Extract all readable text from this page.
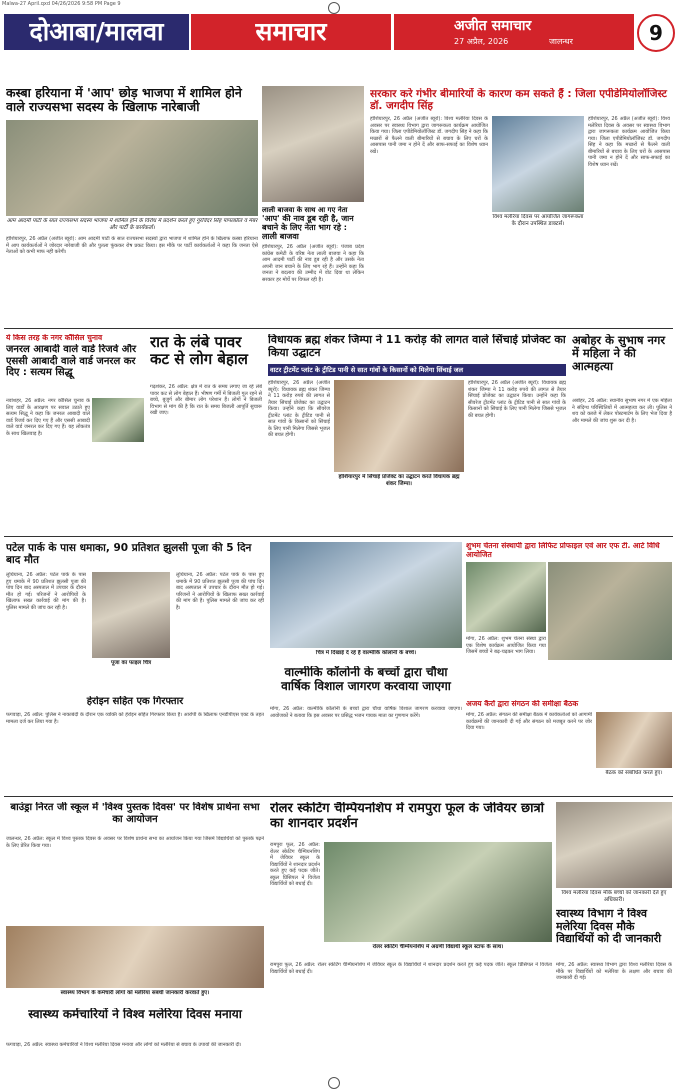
Malwa-27 April.qxd 04/26/2026 9:58 PM Page 9
दोआबा/मालवा	समाचार	अजीत समाचार
27 अप्रैल, 2026	जालन्धर	9
कस्बा हरियाना में 'आप' छोड़ भाजपा में शामिल होने वाले राज्यसभा सदस्य के खिलाफ नारेबाजी
आम आदमी पार्टी के सात राज्यसभा सदस्य भाजपा में शामिल होने के विरोध में प्रदर्शन करते हुए गुरविंदर सिंह पापलप्रीत व मेंबर और पार्टी के कार्यकर्ता।
होशियारपुर, 26 अप्रैल (अजीत ब्यूरो): आम आदमी पार्टी के सात राज्यसभा सदस्यों द्वारा भाजपा में शामिल होने के खिलाफ कस्बा हरियाना में आप कार्यकर्ताओं ने जोरदार नारेबाजी की और पुतला फूंककर रोष प्रकट किया। इस मौके पर पार्टी कार्यकर्ताओं ने कहा कि जनता ऐसे नेताओं को कभी माफ नहीं करेगी।
लाली बाजवा के साथ आ गए नेता
'आप' की नाव डूब रही है, जान बचाने के लिए नेता भाग रहे : लाली बाजवा
होशियारपुर, 26 अप्रैल (अजीत ब्यूरो): पंजाब प्रदेश कांग्रेस कमेटी के वरिष्ठ नेता लाली बाजवा ने कहा कि आम आदमी पार्टी की नाव डूब रही है और उसके नेता अपनी जान बचाने के लिए भाग रहे हैं। उन्होंने कहा कि जनता ने बदलाव की उम्मीद में वोट दिया था लेकिन सरकार हर मोर्चे पर विफल रही है।
सरकार करे गंभीर बीमारियों के कारण कम सकते हैं : जिला एपीडेमियोलॉजिस्ट डॉ. जगदीप सिंह
होशियारपुर, 26 अप्रैल (अजीत ब्यूरो): विश्व मलेरिया दिवस के अवसर पर स्वास्थ्य विभाग द्वारा जागरूकता कार्यक्रम आयोजित किया गया। जिला एपीडेमियोलॉजिस्ट डॉ. जगदीप सिंह ने कहा कि मच्छरों से फैलने वाली बीमारियों से बचाव के लिए घरों के आसपास पानी जमा न होने दें और साफ-सफाई का विशेष ध्यान रखें।
विश्व मलेरिया दिवस पर आयोजित जागरूकता के दौरान उपस्थित डाक्टर्स।
होशियारपुर, 26 अप्रैल (अजीत ब्यूरो): विश्व मलेरिया दिवस के अवसर पर स्वास्थ्य विभाग द्वारा जागरूकता कार्यक्रम आयोजित किया गया। जिला एपीडेमियोलॉजिस्ट डॉ. जगदीप सिंह ने कहा कि मच्छरों से फैलने वाली बीमारियों से बचाव के लिए घरों के आसपास पानी जमा न होने दें और साफ-सफाई का विशेष ध्यान रखें।
ये किस तरह के नगर कौंसिल चुनाव
जनरल आबादी वाले वार्ड रिजर्व और एससी आबादी वाले वार्ड जनरल कर दिए : सत्यम सिद्धू
नवांशहर, 26 अप्रैल: नगर कौंसिल चुनाव के लिए वार्डों के आरक्षण पर सवाल उठाते हुए सत्यम सिद्धू ने कहा कि जनरल आबादी वाले वार्ड रिजर्व कर दिए गए हैं और एससी आबादी वाले वार्ड जनरल कर दिए गए हैं। यह लोकतंत्र के साथ खिलवाड़ है।
रात के लंबे पावर कट से लोग बेहाल
गढ़शंकर, 26 अप्रैल: क्षेत्र में रात के समय लगाए जा रहे लंबे पावर कट से लोग बेहाल हैं। भीषण गर्मी में बिजली गुल रहने से बच्चे, बुजुर्ग और बीमार लोग परेशान हैं। लोगों ने बिजली विभाग से मांग की है कि रात के समय बिजली आपूर्ति सुचारू रखी जाए।
विधायक ब्रह्म शंकर जिम्पा ने 11 करोड़ की लागत वाले सिंचाई प्रोजेक्ट का किया उद्घाटन
वाटर ट्रीटमेंट प्लांट के ट्रीटिड पानी से सात गांवों के किसानों को मिलेगा सिंचाई जल
होशियारपुर, 26 अप्रैल (अजीत ब्यूरो): विधायक ब्रह्म शंकर जिम्पा ने 11 करोड़ रुपये की लागत से तैयार सिंचाई प्रोजेक्ट का उद्घाटन किया। उन्होंने कहा कि सीवरेज ट्रीटमेंट प्लांट के ट्रीटिड पानी से सात गांवों के किसानों को सिंचाई के लिए पानी मिलेगा जिससे भूजल की बचत होगी।
होशियारपुर में सिंचाई प्रोजेक्ट का उद्घाटन करते विधायक ब्रह्म शंकर जिम्पा।
होशियारपुर, 26 अप्रैल (अजीत ब्यूरो): विधायक ब्रह्म शंकर जिम्पा ने 11 करोड़ रुपये की लागत से तैयार सिंचाई प्रोजेक्ट का उद्घाटन किया। उन्होंने कहा कि सीवरेज ट्रीटमेंट प्लांट के ट्रीटिड पानी से सात गांवों के किसानों को सिंचाई के लिए पानी मिलेगा जिससे भूजल की बचत होगी।
अबोहर के सुभाष नगर में महिला ने की आत्महत्या
अबोहर, 26 अप्रैल: स्थानीय सुभाष नगर में एक महिला ने संदिग्ध परिस्थितियों में आत्महत्या कर ली। पुलिस ने शव को कब्जे में लेकर पोस्टमार्टम के लिए भेज दिया है और मामले की जांच शुरू कर दी है।
पटेल पार्क के पास धमाका, 90 प्रतिशत झुलसी पूजा की 5 दिन बाद मौत
लुधियाना, 26 अप्रैल: पटेल पार्क के पास हुए धमाके में 90 प्रतिशत झुलसी पूजा की पांच दिन बाद अस्पताल में उपचार के दौरान मौत हो गई। परिजनों ने आरोपियों के खिलाफ सख्त कार्रवाई की मांग की है। पुलिस मामले की जांच कर रही है।
पूजा का फाइल चित्र
लुधियाना, 26 अप्रैल: पटेल पार्क के पास हुए धमाके में 90 प्रतिशत झुलसी पूजा की पांच दिन बाद अस्पताल में उपचार के दौरान मौत हो गई। परिजनों ने आरोपियों के खिलाफ सख्त कार्रवाई की मांग की है। पुलिस मामले की जांच कर रही है।
हेरोइन सहित एक गिरफ्तार
फगवाड़ा, 26 अप्रैल: पुलिस ने नाकाबंदी के दौरान एक व्यक्ति को हेरोइन सहित गिरफ्तार किया है। आरोपी के खिलाफ एनडीपीएस एक्ट के तहत मामला दर्ज कर लिया गया है।
शुभम चेतना संस्थापी द्वारा लिफिट प्रोफाइल एवं आर एफ टी. आर्ट विधि आयोजित
मोगा, 26 अप्रैल: शुभम चेतना संस्था द्वारा एक विशेष कार्यक्रम आयोजित किया गया जिसमें बच्चों ने बढ़-चढ़कर भाग लिया।
चित्र में दिखाई दे रहे हैं वाल्मीकि कॉलोनी के बच्चे।
वाल्मीकि कॉलोनी के बच्चों द्वारा चौथा वार्षिक विशाल जागरण करवाया जाएगा
मोगा, 26 अप्रैल: वाल्मीकि कॉलोनी के बच्चों द्वारा चौथा वार्षिक विशाल जागरण करवाया जाएगा। आयोजकों ने बताया कि इस अवसर पर प्रसिद्ध भजन गायक माता का गुणगान करेंगे।
अजय कैरों द्वारा संगठन की समीक्षा बैठक
मोगा, 26 अप्रैल: संगठन की समीक्षा बैठक में कार्यकर्ताओं को आगामी कार्यक्रमों की जानकारी दी गई और संगठन को मजबूत करने पर जोर दिया गया।
बैठक को संबोधित करते हुए।
बाउंड्रा निरत जी स्कूल में 'विश्व पुस्तक दिवस' पर विशेष प्रार्थना सभा का आयोजन
जालन्धर, 26 अप्रैल: स्कूल में विश्व पुस्तक दिवस के अवसर पर विशेष प्रार्थना सभा का आयोजन किया गया जिसमें विद्यार्थियों को पुस्तकें पढ़ने के लिए प्रेरित किया गया।
रोलर स्केटिंग चैम्पियनशिप में रामपुरा फूल के जेवियर छात्रों का शानदार प्रदर्शन
रामपुरा फूल, 26 अप्रैल: रोलर स्केटिंग चैम्पियनशिप में जेवियर स्कूल के विद्यार्थियों ने शानदार प्रदर्शन करते हुए कई पदक जीते। स्कूल प्रिंसिपल ने विजेता विद्यार्थियों को बधाई दी।
रोलर स्केटिंग चैम्पियनशिप में अग्रणी विद्यार्थी स्कूल स्टाफ के साथ।
रामपुरा फूल, 26 अप्रैल: रोलर स्केटिंग चैम्पियनशिप में जेवियर स्कूल के विद्यार्थियों ने शानदार प्रदर्शन करते हुए कई पदक जीते। स्कूल प्रिंसिपल ने विजेता विद्यार्थियों को बधाई दी।
विश्व मलेरिया दिवस मौके बच्चों को जानकारी देते हुए अधिकारी।
स्वास्थ्य विभाग ने विश्व मलेरिया दिवस मौके विद्यार्थियों को दी जानकारी
मोगा, 26 अप्रैल: स्वास्थ्य विभाग द्वारा विश्व मलेरिया दिवस के मौके पर विद्यार्थियों को मलेरिया के लक्षण और बचाव की जानकारी दी गई।
स्वास्थ्य विभाग के कर्मचारी लोगों को मलेरिया संबंधी जानकारी करवाते हुए।
स्वास्थ्य कर्मचारियों ने विश्व मलेरिया दिवस मनाया
फगवाड़ा, 26 अप्रैल: स्वास्थ्य कर्मचारियों ने विश्व मलेरिया दिवस मनाया और लोगों को मलेरिया से बचाव के उपायों की जानकारी दी।
